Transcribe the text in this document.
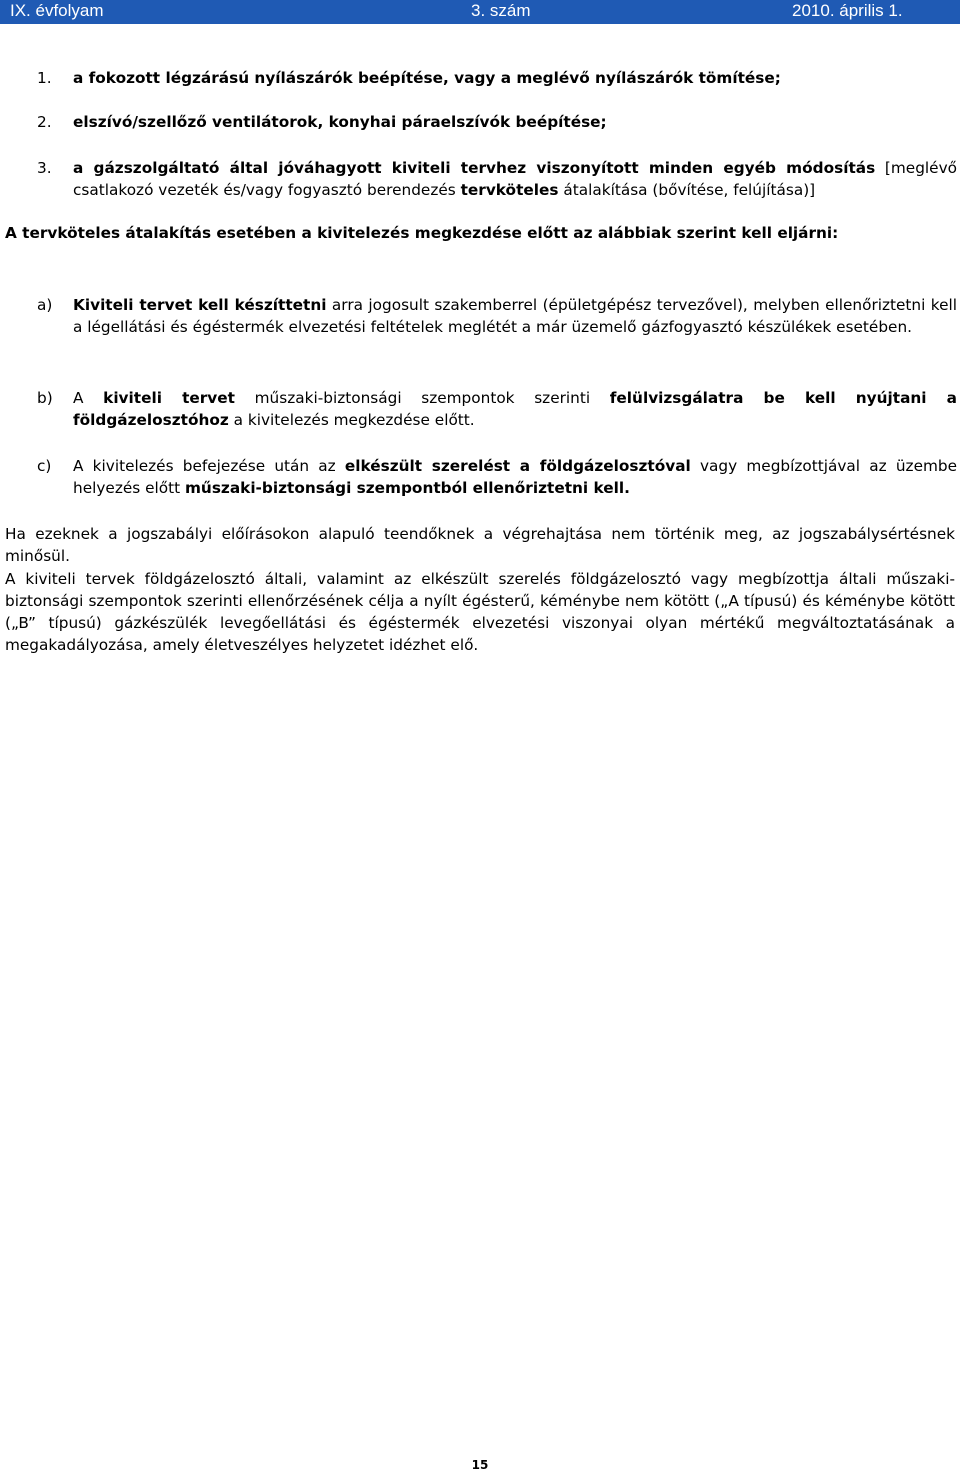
IX. évfolyam	3. szám	2010. április 1.
1. a fokozott légzárású nyílászárók beépítése, vagy a meglévő nyílászárók tömítése;
2. elszívó/szellőző ventilátorok, konyhai páraelszívók beépítése;
3. a gázszolgáltató által jóváhagyott kiviteli tervhez viszonyított minden egyéb módosítás [meglévő csatlakozó vezeték és/vagy fogyasztó berendezés tervköteles átalakítása (bővítése, felújítása)]
A tervköteles átalakítás esetében a kivitelezés megkezdése előtt az alábbiak szerint kell eljárni:
a) Kiviteli tervet kell készíttetni arra jogosult szakemberrel (épületgépész tervezővel), melyben ellenőriztetni kell a légellátási és égéstermék elvezetési feltételek meglétét a már üzemelő gázfogyasztó készülékek esetében.
b) A kiviteli tervet műszaki-biztonsági szempontok szerinti felülvizsgálatra be kell nyújtani a földgázelosztóhoz a kivitelezés megkezdése előtt.
c) A kivitelezés befejezése után az elkészült szerelést a földgázelosztóval vagy megbízottjával az üzembe helyezés előtt műszaki-biztonsági szempontból ellenőriztetni kell.
Ha ezeknek a jogszabályi előírásokon alapuló teendőknek a végrehajtása nem történik meg, az jogszabálysértésnek minősül.
A kiviteli tervek földgázelosztó általi, valamint az elkészült szerelés földgázelosztó vagy megbízottja általi műszaki-biztonsági szempontok szerinti ellenőrzésének célja a nyílt égésterű, kéménybe nem kötött („A típusú) és kéménybe kötött („B” típusú) gázkészülék levegőellátási és égéstermék elvezetési viszonyai olyan mértékű megváltoztatásának a megakadályozása, amely életveszélyes helyzetet idézhet elő.
15
